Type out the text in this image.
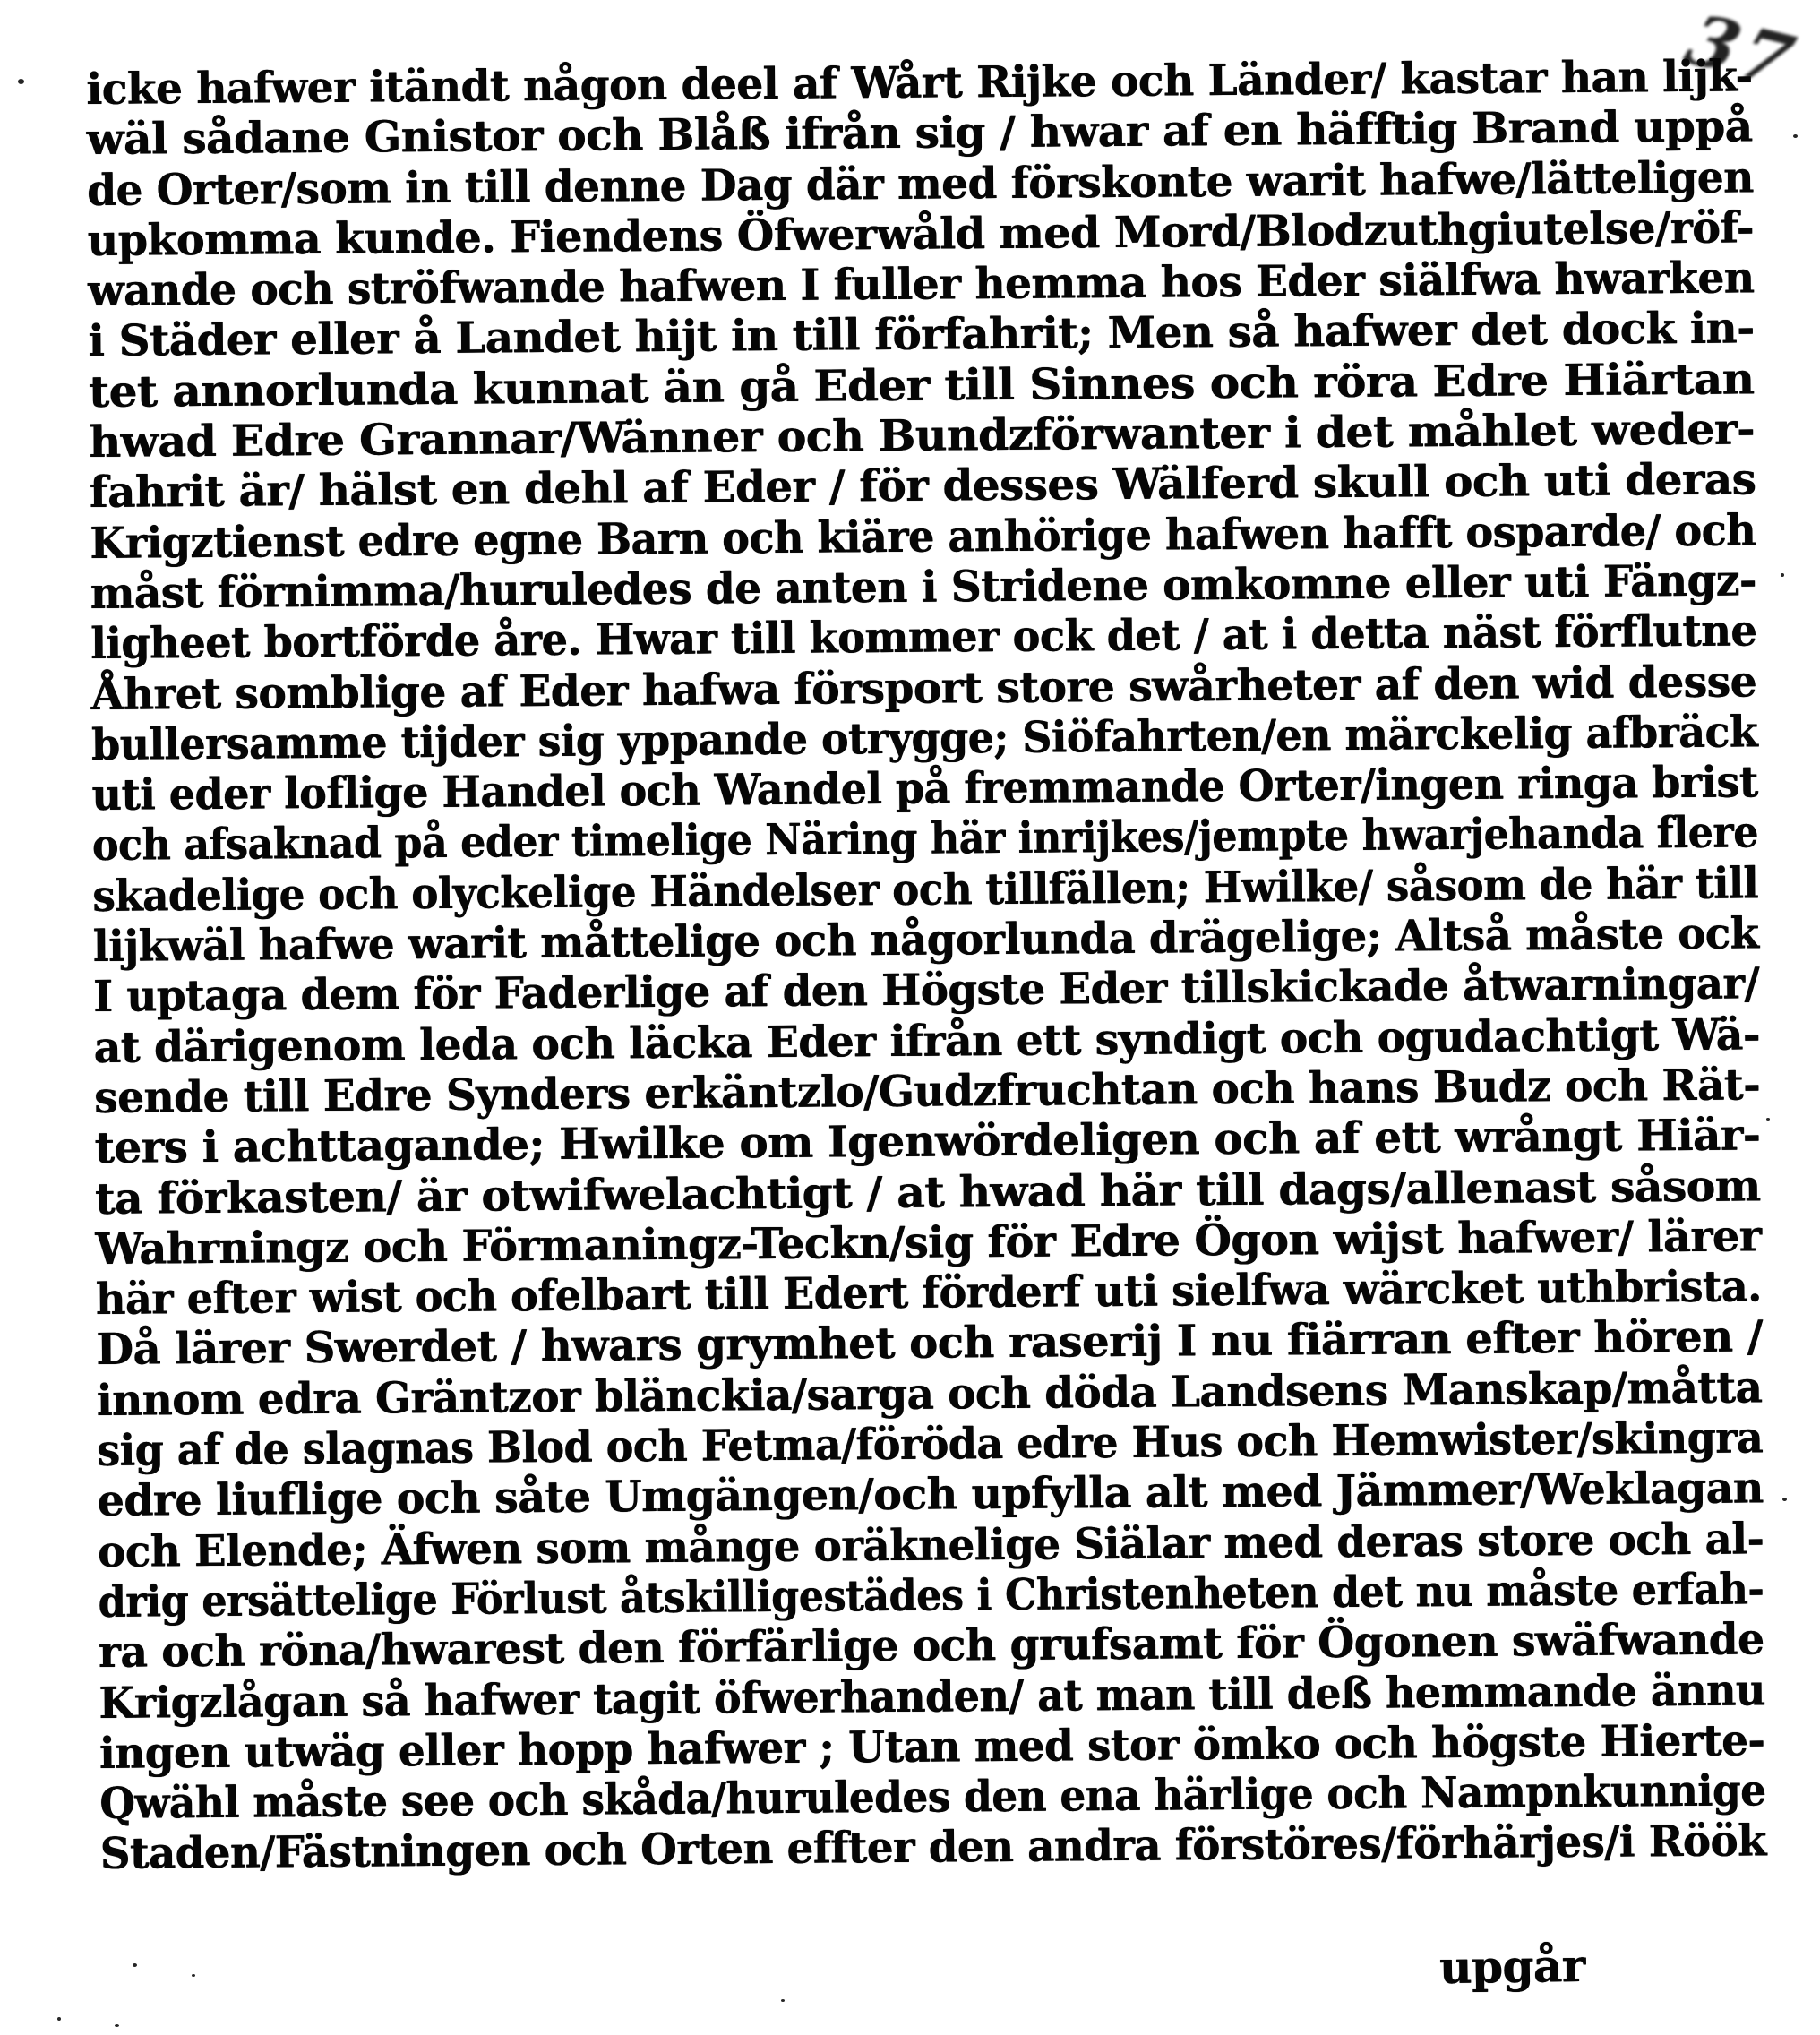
37
icke hafwer itändt någon deel af Wårt Rijke och Länder/ kastar han lijk-
wäl sådane Gnistor och Blåß ifrån sig / hwar af en häfftig Brand uppå
de Orter/som in till denne Dag där med förskonte warit hafwe/lätteligen
upkomma kunde. Fiendens Öfwerwåld med Mord/Blodzuthgiutelse/röf-
wande och ströfwande hafwen I fuller hemma hos Eder siälfwa hwarken
i Städer eller å Landet hijt in till förfahrit; Men så hafwer det dock in-
tet annorlunda kunnat än gå Eder till Sinnes och röra Edre Hiärtan
hwad Edre Grannar/Wänner och Bundzförwanter i det måhlet weder-
fahrit är/ hälst en dehl af Eder / för desses Wälferd skull och uti deras
Krigztienst edre egne Barn och kiäre anhörige hafwen hafft osparde/ och
måst förnimma/huruledes de anten i Stridene omkomne eller uti Fängz-
ligheet bortförde åre. Hwar till kommer ock det / at i detta näst förflutne
Åhret somblige af Eder hafwa försport store swårheter af den wid desse
bullersamme tijder sig yppande otrygge; Siöfahrten/en märckelig afbräck
uti eder loflige Handel och Wandel på fremmande Orter/ingen ringa brist
och afsaknad på eder timelige Näring här inrijkes/jempte hwarjehanda flere
skadelige och olyckelige Händelser och tillfällen; Hwilke/ såsom de här till
lijkwäl hafwe warit måttelige och någorlunda drägelige; Altså måste ock
I uptaga dem för Faderlige af den Högste Eder tillskickade åtwarningar/
at därigenom leda och läcka Eder ifrån ett syndigt och ogudachtigt Wä-
sende till Edre Synders erkäntzlo/Gudzfruchtan och hans Budz och Rät-
ters i achttagande; Hwilke om Igenwördeligen och af ett wrångt Hiär-
ta förkasten/ är otwifwelachtigt / at hwad här till dags/allenast såsom
Wahrningz och Förmaningz-Teckn/sig för Edre Ögon wijst hafwer/ lärer
här efter wist och ofelbart till Edert förderf uti sielfwa wärcket uthbrista.
Då lärer Swerdet / hwars grymhet och raserij I nu fiärran efter hören /
innom edra Gräntzor blänckia/sarga och döda Landsens Manskap/måtta
sig af de slagnas Blod och Fetma/föröda edre Hus och Hemwister/skingra
edre liuflige och såte Umgängen/och upfylla alt med Jämmer/Weklagan
och Elende; Äfwen som månge oräknelige Siälar med deras store och al-
drig ersättelige Förlust åtskilligestädes i Christenheten det nu måste erfah-
ra och röna/hwarest den förfärlige och grufsamt för Ögonen swäfwande
Krigzlågan så hafwer tagit öfwerhanden/ at man till deß hemmande ännu
ingen utwäg eller hopp hafwer ; Utan med stor ömko och högste Hierte-
Qwähl måste see och skåda/huruledes den ena härlige och Nampnkunnige
Staden/Fästningen och Orten effter den andra förstöres/förhärjes/i Röök
upgår
